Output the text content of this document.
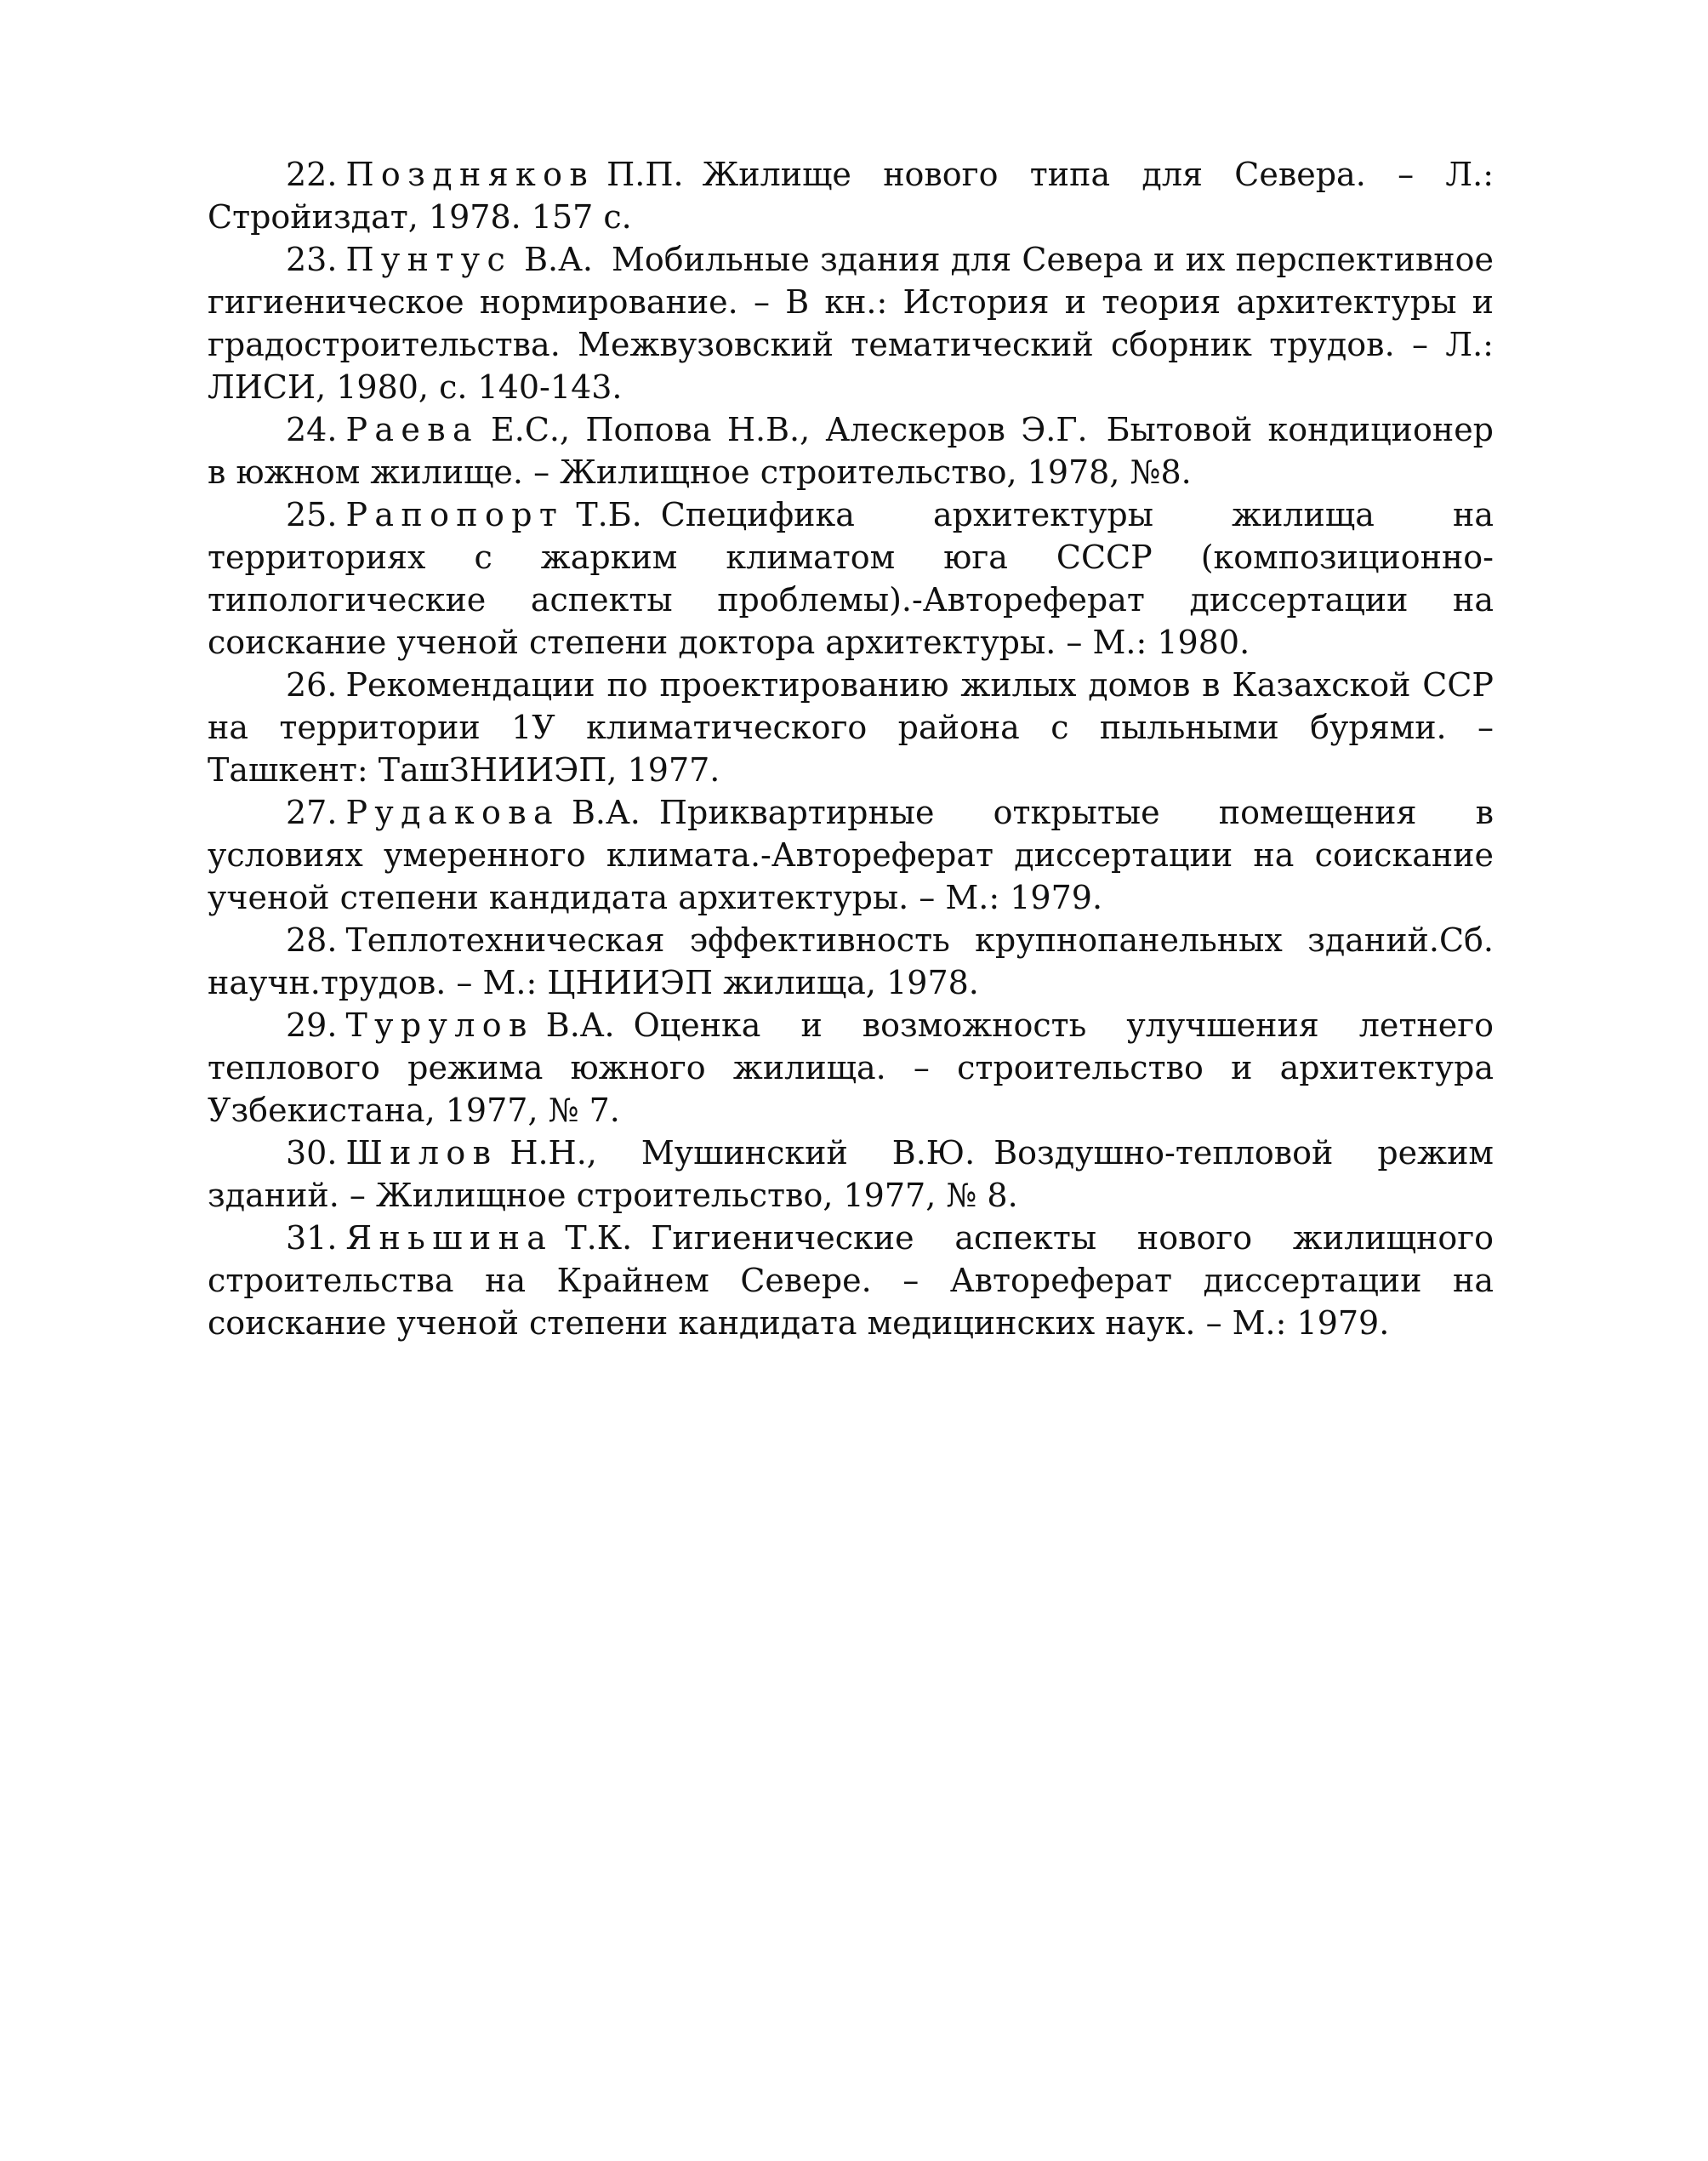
22. Поздняков П.П. Жилище нового типа для Севера. – Л.: Стройиздат, 1978. 157 с.

23. Пунтус В.А. Мобильные здания для Севера и их перспективное гигиеническое нормирование. – В кн.: История и теория архитектуры и градостроительства. Межвузовский тематический сборник трудов. – Л.: ЛИСИ, 1980, с. 140-143.

24. Раева Е.С., Попова Н.В., Алескеров Э.Г. Бытовой кондиционер в южном жилище. – Жилищное строительство, 1978, №8.

25. Рапопорт Т.Б. Специфика архитектуры жилища на территориях с жарким климатом юга СССР (композиционно-типологические аспекты проблемы).-Автореферат диссертации на соискание ученой степени доктора архитектуры. – М.: 1980.

26. Рекомендации по проектированию жилых домов в Казахской ССР на территории 1У климатического района с пыльными бурями. – Ташкент: ТашЗНИИЭП, 1977.

27. Рудакова В.А. Приквартирные открытые помещения в условиях умеренного климата.-Автореферат диссертации на соискание ученой степени кандидата архитектуры. – М.: 1979.

28. Теплотехническая эффективность крупнопанельных зданий.Сб. научн.трудов. – М.: ЦНИИЭП жилища, 1978.

29. Турулов В.А. Оценка и возможность улучшения летнего теплового режима южного жилища. – строительство и архитектура Узбекистана, 1977, № 7.

30. Шилов Н.Н., Мушинский В.Ю. Воздушно-тепловой режим зданий. – Жилищное строительство, 1977, № 8.

31. Яньшина Т.К. Гигиенические аспекты нового жилищного строительства на Крайнем Севере. – Автореферат диссертации на соискание ученой степени кандидата медицинских наук. – М.: 1979.
